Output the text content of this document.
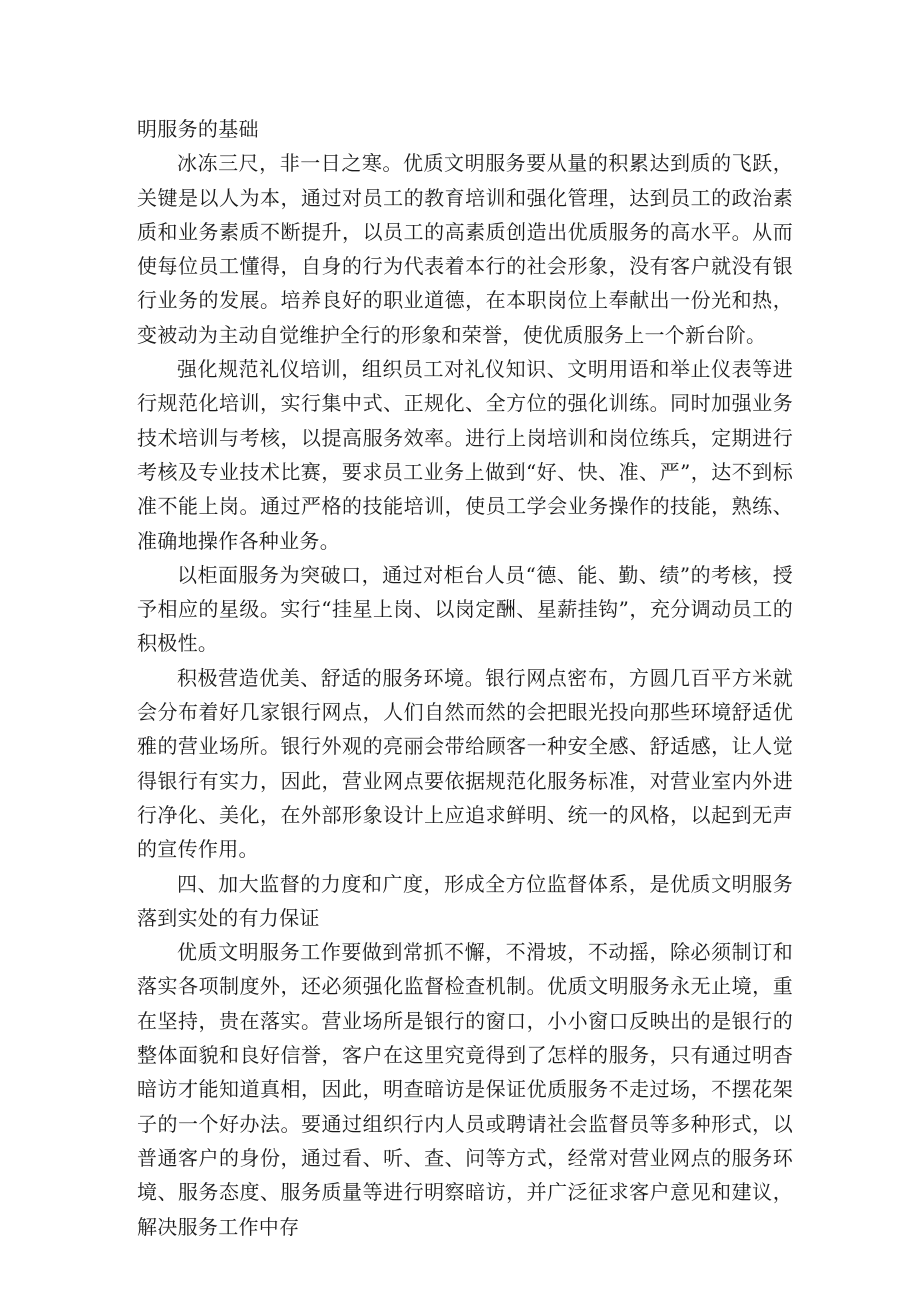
明服务的基础

冰冻三尺，非一日之寒。优质文明服务要从量的积累达到质的飞跃，关键是以人为本，通过对员工的教育培训和强化管理，达到员工的政治素质和业务素质不断提升，以员工的高素质创造出优质服务的高水平。从而使每位员工懂得，自身的行为代表着本行的社会形象，没有客户就没有银行业务的发展。培养良好的职业道德，在本职岗位上奉献出一份光和热，变被动为主动自觉维护全行的形象和荣誉，使优质服务上一个新台阶。

强化规范礼仪培训，组织员工对礼仪知识、文明用语和举止仪表等进行规范化培训，实行集中式、正规化、全方位的强化训练。同时加强业务技术培训与考核，以提高服务效率。进行上岗培训和岗位练兵，定期进行考核及专业技术比赛，要求员工业务上做到“好、快、准、严”，达不到标准不能上岗。通过严格的技能培训，使员工学会业务操作的技能，熟练、准确地操作各种业务。

以柜面服务为突破口，通过对柜台人员“德、能、勤、绩”的考核，授予相应的星级。实行“挂星上岗、以岗定酬、星薪挂钩”，充分调动员工的积极性。

积极营造优美、舒适的服务环境。银行网点密布，方圆几百平方米就会分布着好几家银行网点，人们自然而然的会把眼光投向那些环境舒适优雅的营业场所。银行外观的亮丽会带给顾客一种安全感、舒适感，让人觉得银行有实力，因此，营业网点要依据规范化服务标准，对营业室内外进行净化、美化，在外部形象设计上应追求鲜明、统一的风格，以起到无声的宣传作用。

四、加大监督的力度和广度，形成全方位监督体系，是优质文明服务落到实处的有力保证

优质文明服务工作要做到常抓不懈，不滑坡，不动摇，除必须制订和落实各项制度外，还必须强化监督检查机制。优质文明服务永无止境，重在坚持，贵在落实。营业场所是银行的窗口，小小窗口反映出的是银行的整体面貌和良好信誉，客户在这里究竟得到了怎样的服务，只有通过明杳暗访才能知道真相，因此，明查暗访是保证优质服务不走过场，不摆花架子的一个好办法。要通过组织行内人员或聘请社会监督员等多种形式，以普通客户的身份，通过看、听、查、问等方式，经常对营业网点的服务环境、服务态度、服务质量等进行明察暗访，并广泛征求客户意见和建议，解决服务工作中存
